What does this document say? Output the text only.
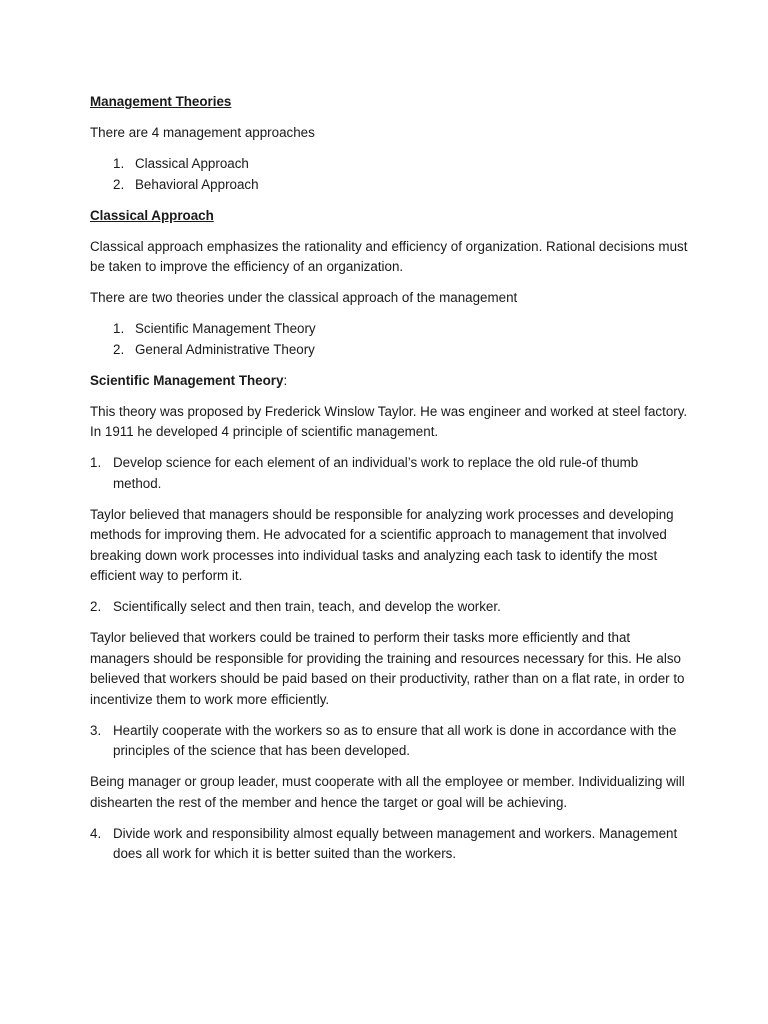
Management Theories

There are 4 management approaches

1. Classical Approach
2. Behavioral Approach

Classical Approach

Classical approach emphasizes the rationality and efficiency of organization. Rational decisions must be taken to improve the efficiency of an organization.

There are two theories under the classical approach of the management

1. Scientific Management Theory
2. General Administrative Theory

Scientific Management Theory:

This theory was proposed by Frederick Winslow Taylor. He was engineer and worked at steel factory. In 1911 he developed 4 principle of scientific management.

1. Develop science for each element of an individual’s work to replace the old rule-of thumb method.

Taylor believed that managers should be responsible for analyzing work processes and developing methods for improving them. He advocated for a scientific approach to management that involved breaking down work processes into individual tasks and analyzing each task to identify the most efficient way to perform it.

2. Scientifically select and then train, teach, and develop the worker.

Taylor believed that workers could be trained to perform their tasks more efficiently and that managers should be responsible for providing the training and resources necessary for this. He also believed that workers should be paid based on their productivity, rather than on a flat rate, in order to incentivize them to work more efficiently.

3. Heartily cooperate with the workers so as to ensure that all work is done in accordance with the principles of the science that has been developed.

Being manager or group leader, must cooperate with all the employee or member. Individualizing will dishearten the rest of the member and hence the target or goal will be achieving.

4. Divide work and responsibility almost equally between management and workers. Management does all work for which it is better suited than the workers.
